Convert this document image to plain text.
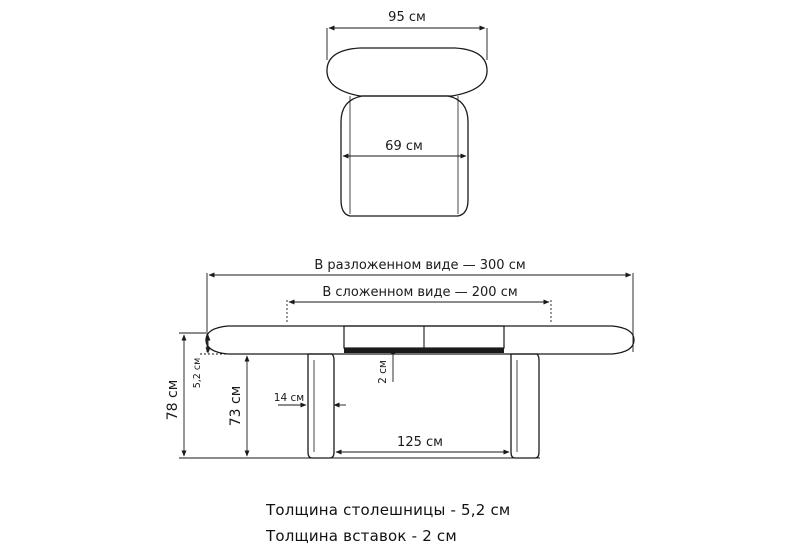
95 см
69 см
В разложенном виде — 300 см
В сложенном виде — 200 см
78 см
5,2 см
73 см
2 см
14 см
125 см
Толщина столешницы - 5,2 см
Толщина вставок - 2 см
